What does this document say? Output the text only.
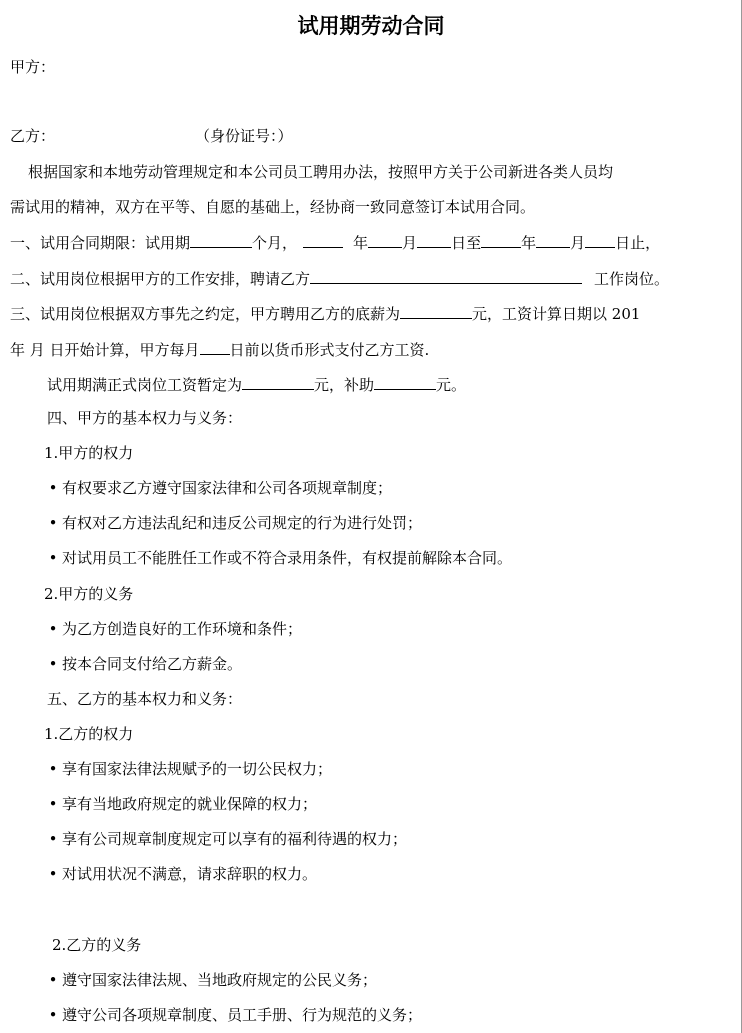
试用期劳动合同
甲方：
乙方：	（身份证号：）
根据国家和本地劳动管理规定和本公司员工聘用办法，按照甲方关于公司新进各类人员均
需试用的精神，双方在平等、自愿的基础上，经协商一致同意签订本试用合同。
一、试用合同期限：试用期	个月，	年 月 日至	年 月 日止，
二、试用岗位根据甲方的工作安排，聘请乙方	工作岗位。
三、试用岗位根据双方事先之约定，甲方聘用乙方的底薪为	元，工资计算日期以 201
年 月 日开始计算，甲方每月 日前以货币形式支付乙方工资.
试用期满正式岗位工资暂定为	元，补助	元。
四、甲方的基本权力与义务：
1.甲方的权力
• 有权要求乙方遵守国家法律和公司各项规章制度；
• 有权对乙方违法乱纪和违反公司规定的行为进行处罚；
• 对试用员工不能胜任工作或不符合录用条件，有权提前解除本合同。
2.甲方的义务
• 为乙方创造良好的工作环境和条件；
• 按本合同支付给乙方薪金。
五、乙方的基本权力和义务：
1.乙方的权力
• 享有国家法律法规赋予的一切公民权力；
• 享有当地政府规定的就业保障的权力；
• 享有公司规章制度规定可以享有的福利待遇的权力；
• 对试用状况不满意，请求辞职的权力。
2.乙方的义务
• 遵守国家法律法规、当地政府规定的公民义务；
• 遵守公司各项规章制度、员工手册、行为规范的义务；
